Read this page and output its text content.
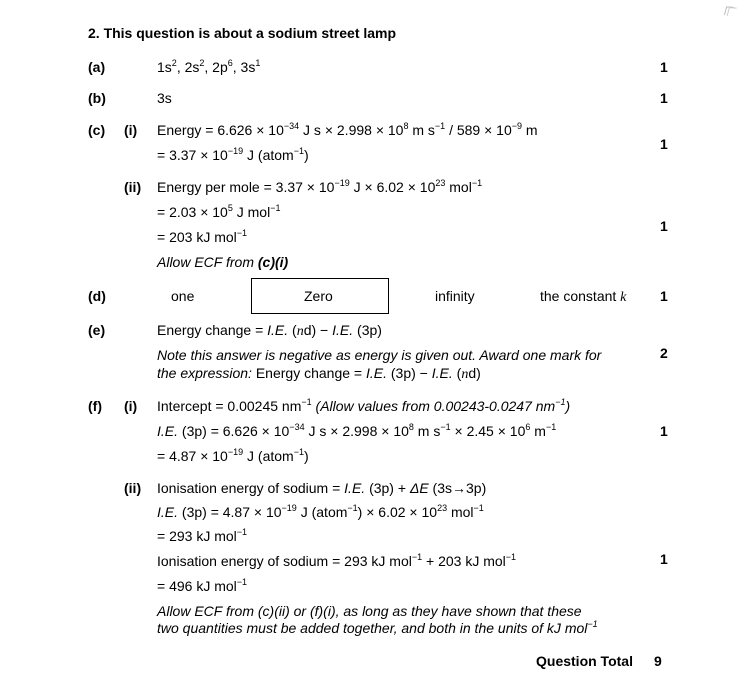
2. This question is about a sodium street lamp
(a)	$1s^2$, $2s^2$, $2p^6$, $3s^1$	1
(b)	3s	1
(c) (i) Energy = $6.626 \times 10^{-34}$ J $s \times 2.998 \times 10^8$ m $s^{-1} / 589 \times 10^{-9}$ m
= $3.37 \times 10^{-19}$ J (atom$^{-1}$)
1
(ii) Energy per mole = $3.37 \times 10^{-19}$ $J \times 6.02 \times 10^{23}$ mol$^{-1}$
= $2.03 \times 10^5$ J mol$^{-1}$
= 203 kJ mol$^{-1}$
Allow ECF from (c)(i)
1
(d)	one	Zero	infinity	the constant k 1
(e)	Energy change = I.E. (nd) − I.E. (3p)
Note this answer is negative as energy is given out. Award one mark for
the expression: Energy change = I.E. (3p) − I.E. (nd)
2
(f) (i) Intercept = 0.00245 $nm^{-1}$ (Allow values from 0.00243-0.0247 $nm^{-1}$)
I.E. $(3p) = 6.626 \times 10^{-34}$ J $s \times 2.998 \times 10^8$ m $s^{-1} \times 2.45 \times 10^6$ $m^{-1}$
= $4.87 \times 10^{-19}$ J (atom$^{-1}$)
1
(ii) Ionisation energy of sodium = I.E. (3p) + ΔE (3s→3p)
I.E. $(3p) = 4.87 \times 10^{-19}$ J (atom$^{-1}$) × $6.02 \times 10^{23}$ mol$^{-1}$
= 293 kJ mol$^{-1}$
Ionisation energy of sodium = 293 kJ mol$^{-1}$ + 203 kJ mol$^{-1}$
= 496 kJ mol$^{-1}$
Allow ECF from (c)(ii) or (f)(i), as long as they have shown that these
two quantities must be added together, and both in the units of kJ mol$^{-1}$
1
Question Total 9
